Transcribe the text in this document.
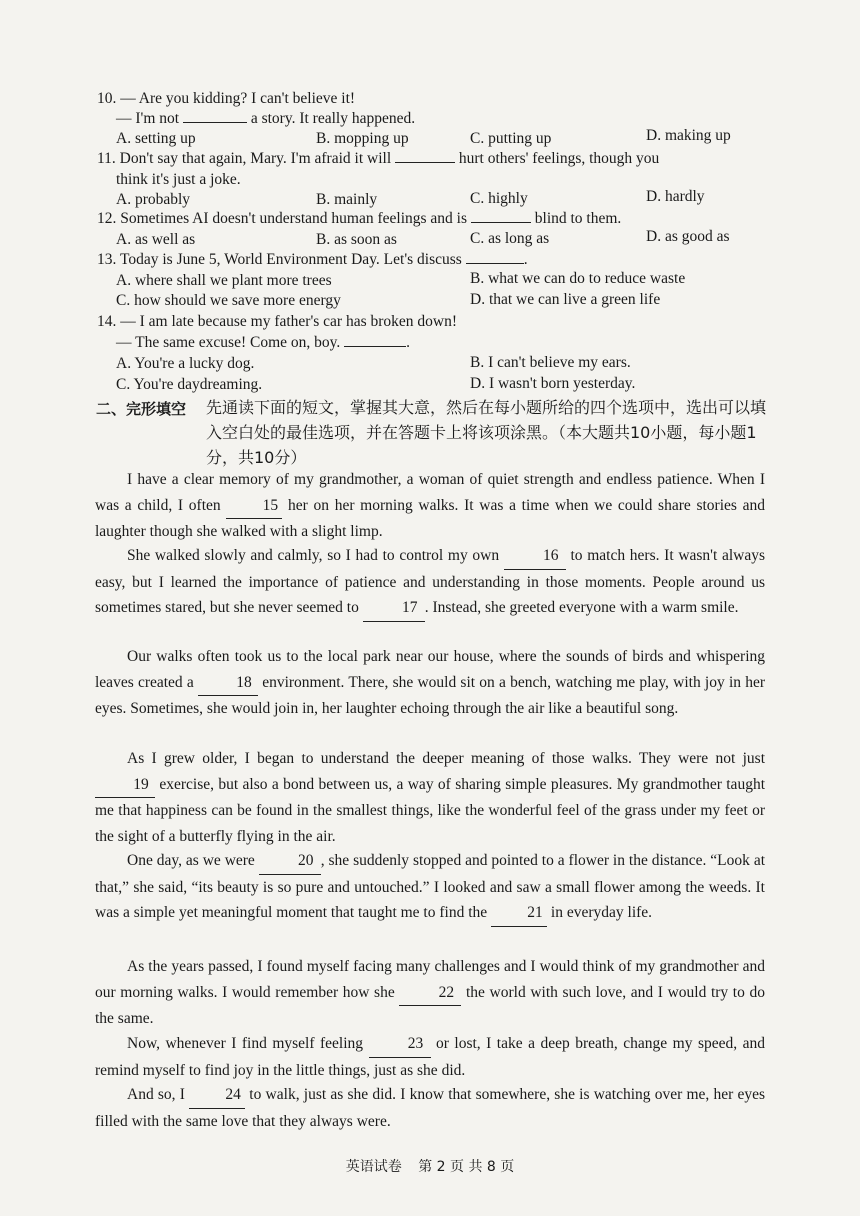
10. — Are you kidding? I can't believe it!
— I'm not	a story. It really happened.
A. setting up	B. mopping up	C. putting up	D. making up
11. Don't say that again, Mary. I'm afraid it will	hurt others' feelings, though you
think it's just a joke.
A. probably	B. mainly	C. highly	D. hardly
12. Sometimes AI doesn't understand human feelings and is	blind to them.
A. as well as	B. as soon as	C. as long as	D. as good as
13. Today is June 5, World Environment Day. Let's discuss	.
A. where shall we plant more trees	B. what we can do to reduce waste
C. how should we save more energy	D. that we can live a green life
14. — I am late because my father's car has broken down!
— The same excuse! Come on, boy.	.
A. You're a lucky dog.	B. I can't believe my ears.
C. You're daydreaming.	D. I wasn't born yesterday.
二、完形填空 先通读下面的短文，掌握其大意，然后在每小题所给的四个选项中，选出可以填入空白处的最佳选项，并在答题卡上将该项涂黑。（本大题共10小题，每小题1分，共10分）

I have a clear memory of my grandmother, a woman of quiet strength and endless patience. When I was a child, I often 15 her on her morning walks. It was a time when we could share stories and laughter though she walked with a slight limp.

She walked slowly and calmly, so I had to control my own	16 to match hers. It wasn't always easy, but I learned the importance of patience and understanding in those moments. People around us sometimes stared, but she never seemed to	17 . Instead, she greeted everyone with a warm smile.

Our walks often took us to the local park near our house, where the sounds of birds and whispering leaves created a 18 environment. There, she would sit on a bench, watching me play, with joy in her eyes. Sometimes, she would join in, her laughter echoing through the air like a beautiful song.

As I grew older, I began to understand the deeper meaning of those walks. They were not just 19 exercise, but also a bond between us, a way of sharing simple pleasures. My grandmother taught me that happiness can be found in the smallest things, like the wonderful feel of the grass under my feet or the sight of a butterfly flying in the air.

One day, as we were	20 , she suddenly stopped and pointed to a flower in the distance. “Look at that,” she said, “its beauty is so pure and untouched.” I looked and saw a small flower among the weeds. It was a simple yet meaningful moment that taught me to find the 21 in everyday life.

As the years passed, I found myself facing many challenges and I would think of my grandmother and our morning walks. I would remember how she	22 the world with such love, and I would try to do the same.

Now, whenever I find myself feeling	23 or lost, I take a deep breath, change my speed, and remind myself to find joy in the little things, just as she did.

And so, I 24 to walk, just as she did. I know that somewhere, she is watching over me, her eyes filled with the same love that they always were.

英语试卷 第 2 页 共 8 页
